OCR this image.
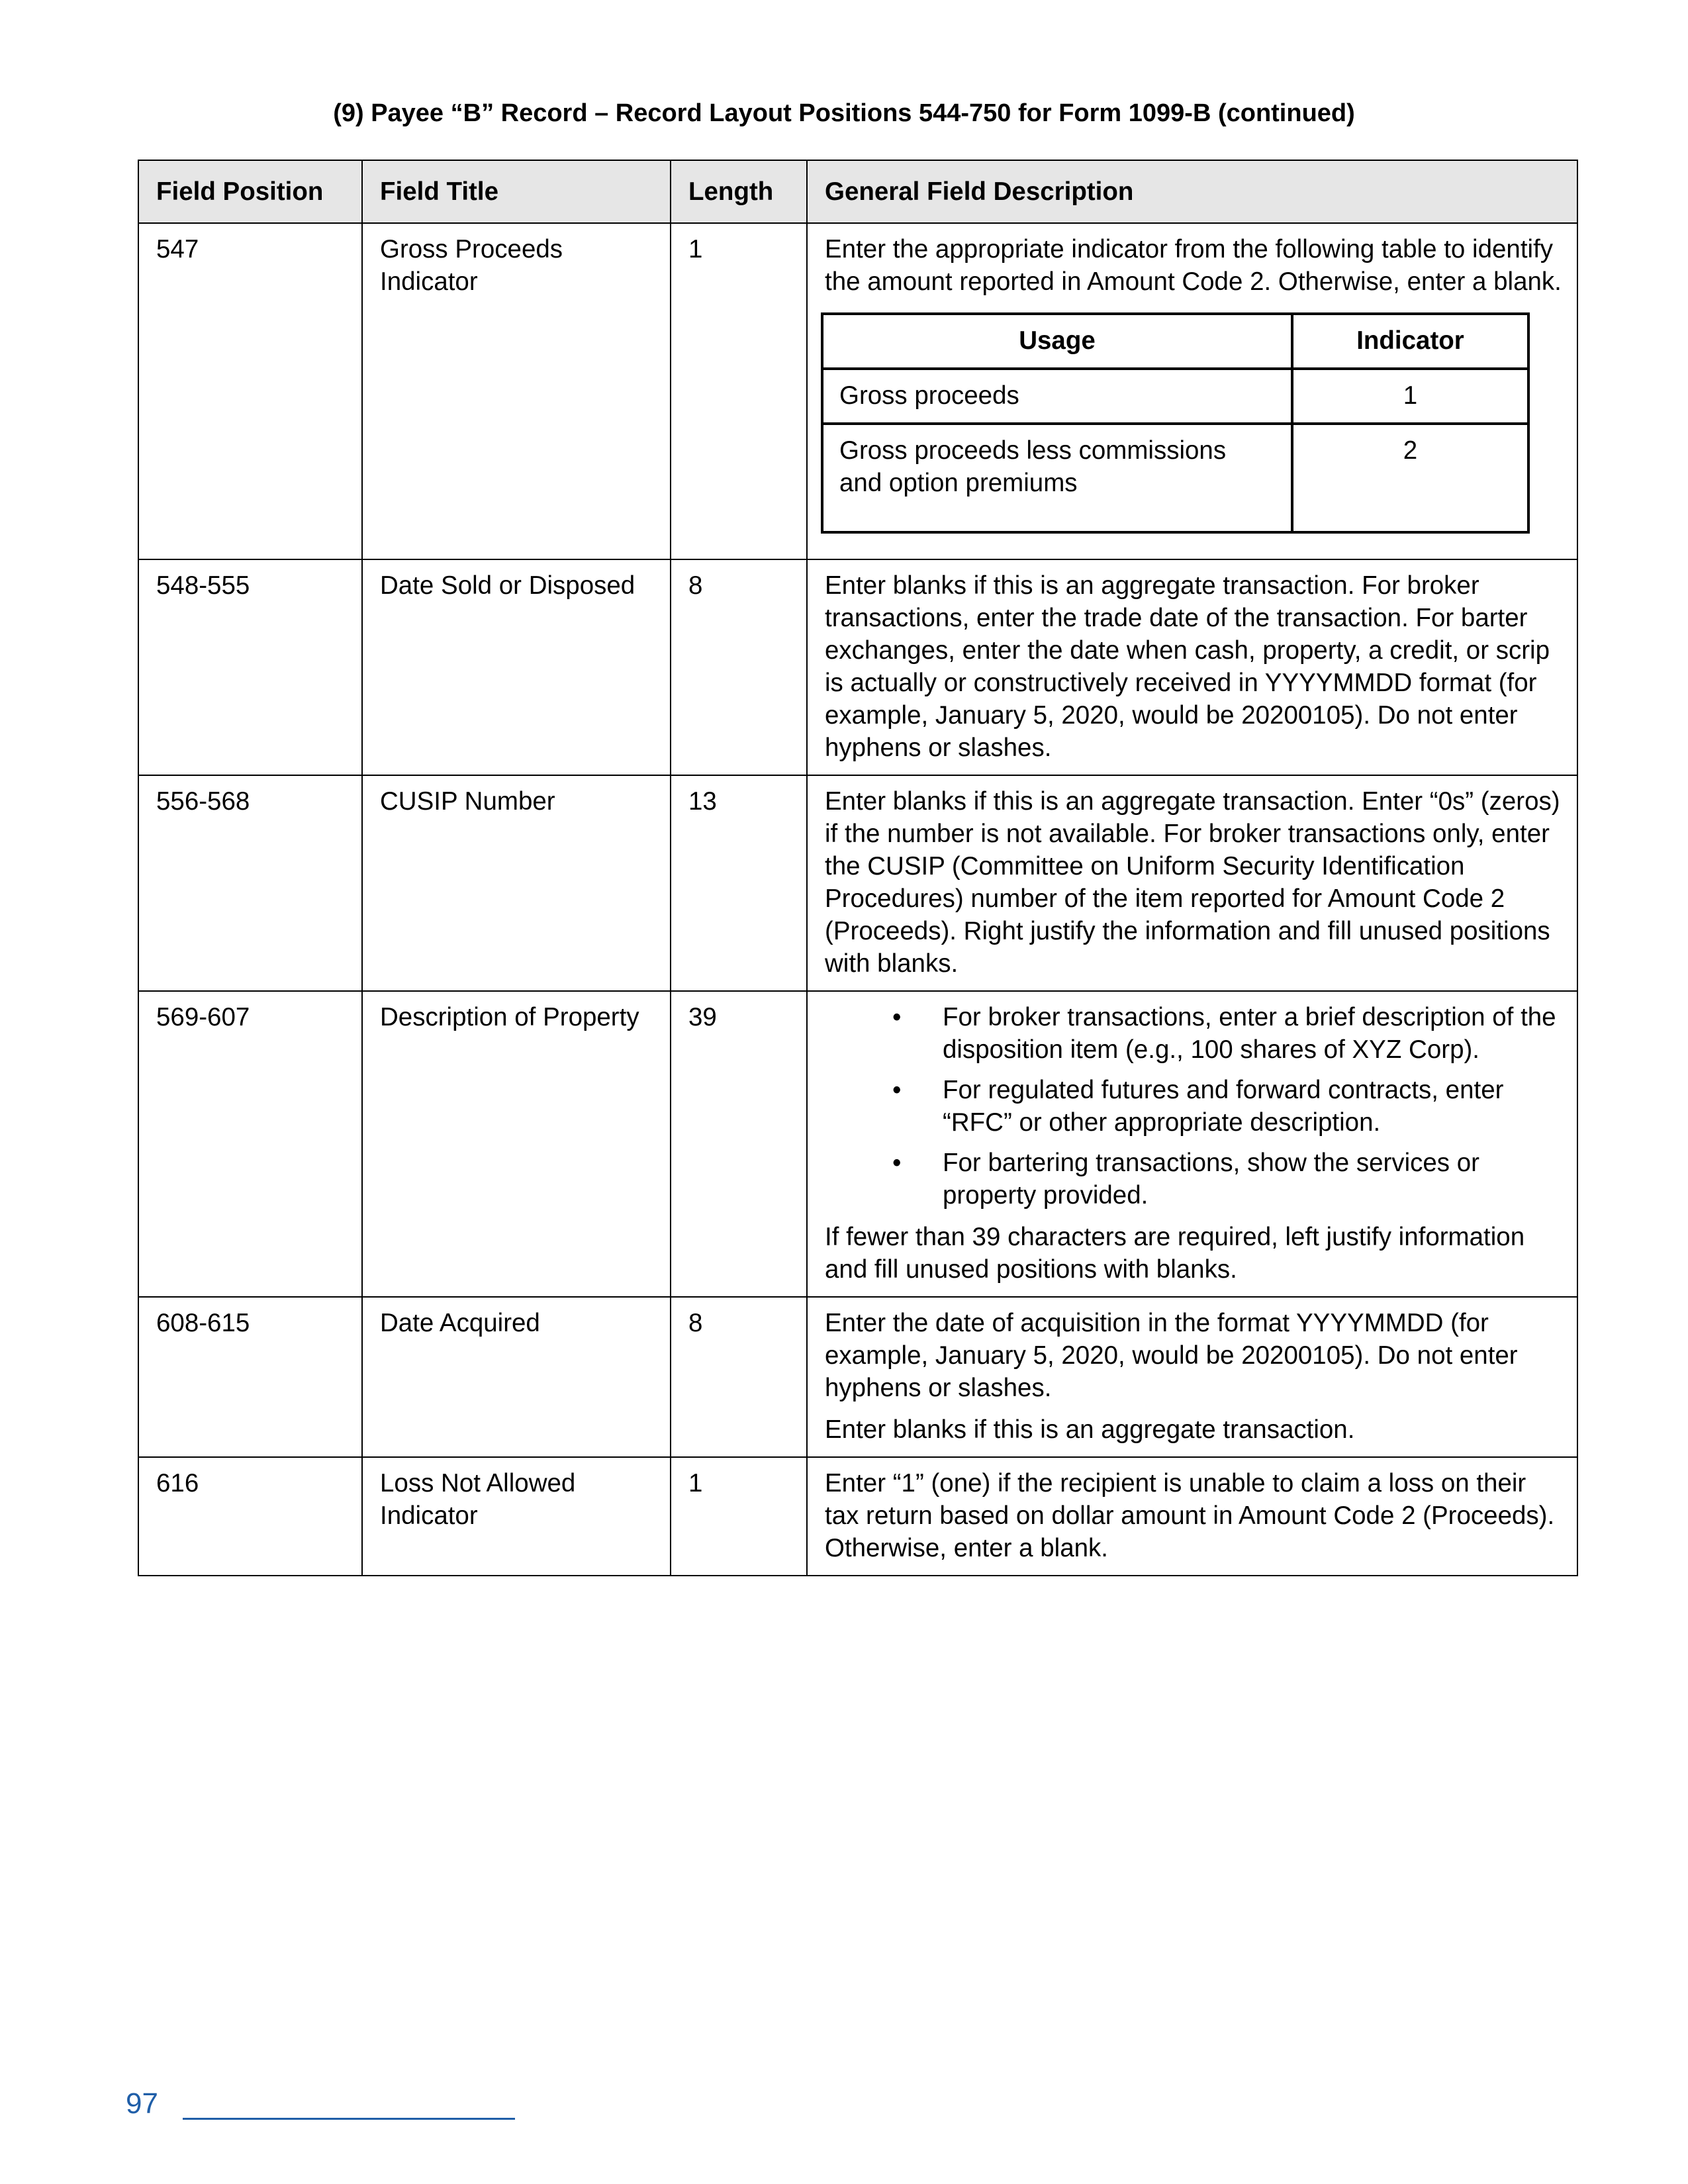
(9) Payee “B” Record – Record Layout Positions 544-750 for Form 1099-B (continued)
Field Position	Field Title	Length	General Field Description
547	Gross Proceeds Indicator	1	Enter the appropriate indicator from the following table to identify the amount reported in Amount Code 2. Otherwise, enter a blank.

Usage	Indicator
Gross proceeds	1
Gross proceeds less commissions and option premiums	2

548-555	Date Sold or Disposed	8	Enter blanks if this is an aggregate transaction. For broker transactions, enter the trade date of the transaction. For barter exchanges, enter the date when cash, property, a credit, or scrip is actually or constructively received in YYYYMMDD format (for example, January 5, 2020, would be 20200105). Do not enter hyphens or slashes.

556-568	CUSIP Number	13	Enter blanks if this is an aggregate transaction. Enter “0s” (zeros) if the number is not available. For broker transactions only, enter the CUSIP (Committee on Uniform Security Identification Procedures) number of the item reported for Amount Code 2 (Proceeds). Right justify the information and fill unused positions with blanks.

569-607	Description of Property	39	
•For broker transactions, enter a brief description of the disposition item (e.g., 100 shares of XYZ Corp).
• For regulated futures and forward contracts, enter “RFC” or other appropriate description.
• For bartering transactions, show the services or property provided.

If fewer than 39 characters are required, left justify information and fill unused positions with blanks.

608-615	Date Acquired	8	Enter the date of acquisition in the format YYYYMMDD (for example, January 5, 2020, would be 20200105). Do not enter hyphens or slashes.

Enter blanks if this is an aggregate transaction.

616	Loss Not Allowed Indicator	1	Enter “1” (one) if the recipient is unable to claim a loss on their tax return based on dollar amount in Amount Code 2 (Proceeds). Otherwise, enter a blank.

97
